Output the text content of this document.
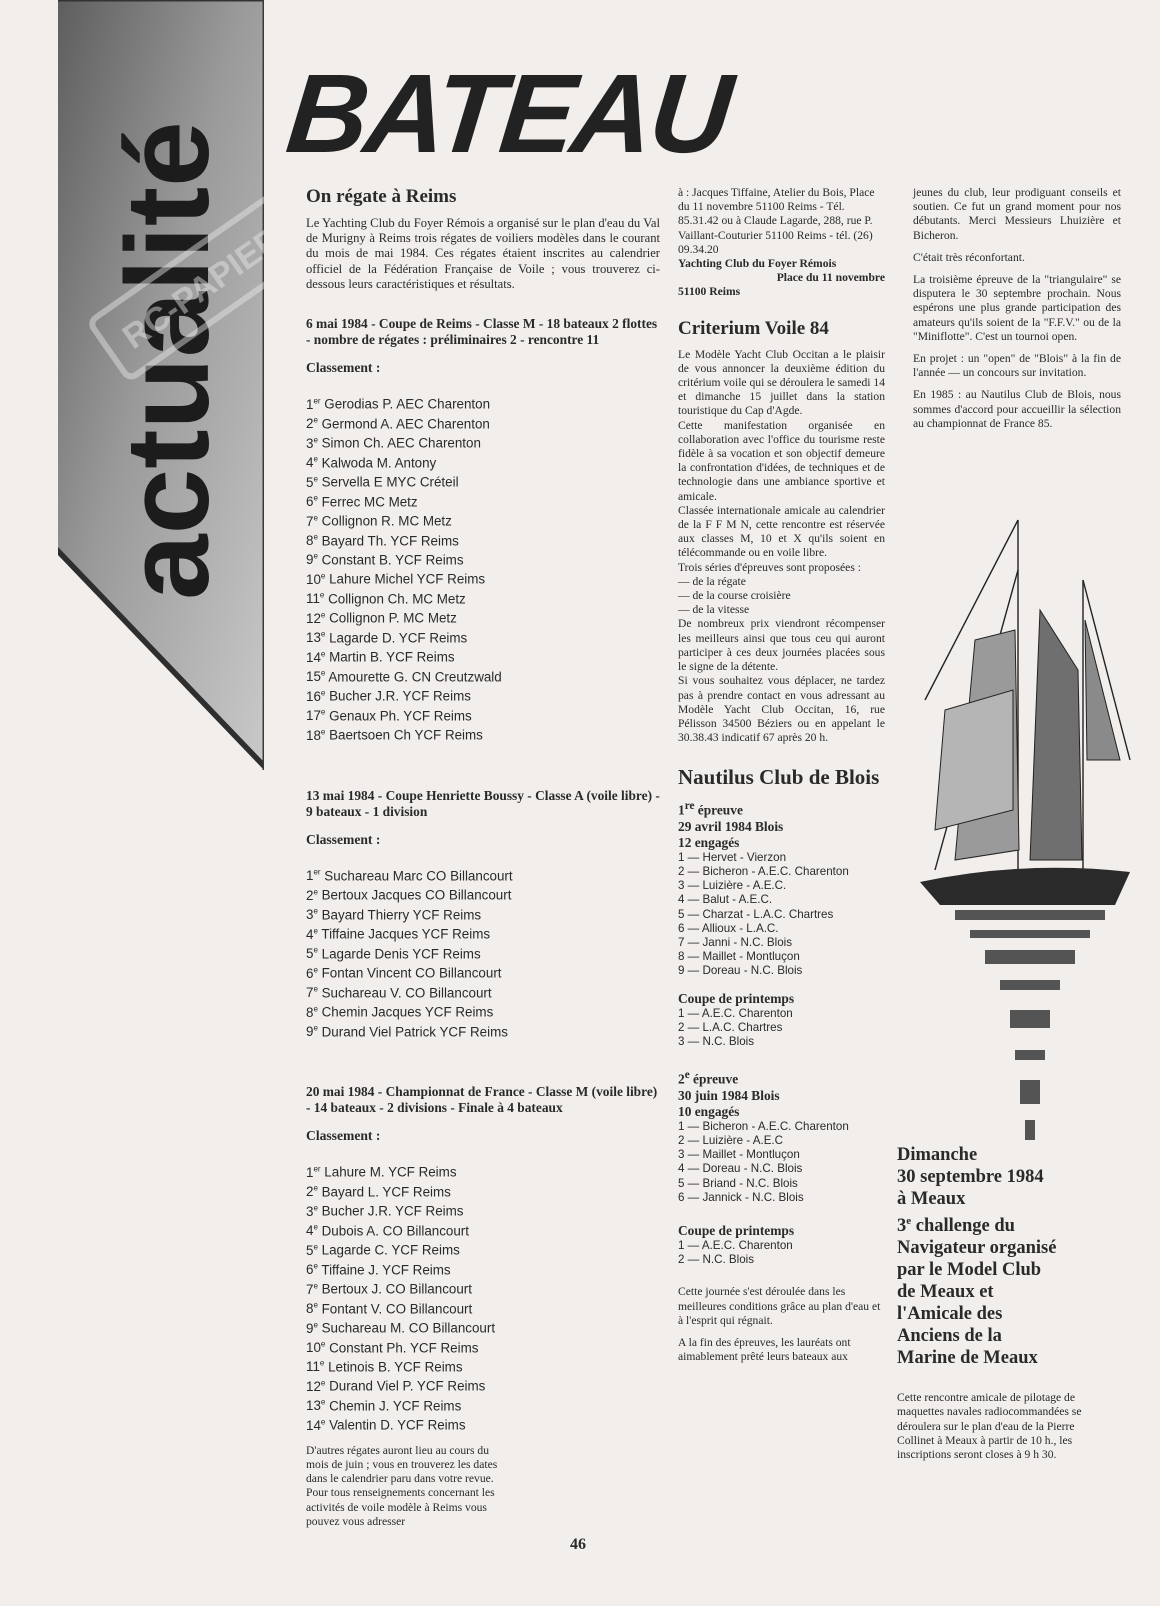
actualité
RC-PAPIERS
BATEAU
On régate à Reims

Le Yachting Club du Foyer Rémois a organisé sur le plan d'eau du Val de Murigny à Reims trois régates de voiliers modèles dans le courant du mois de mai 1984. Ces régates étaient inscrites au calendrier officiel de la Fédération Française de Voile ; vous trouverez ci-dessous leurs caractéristiques et résultats.

6 mai 1984 - Coupe de Reims - Classe M - 18 bateaux 2 flottes - nombre de régates : préliminaires 2 - rencontre 11
Classement :
1er Gerodias P. AEC Charenton
2e Germond A. AEC Charenton
3e Simon Ch. AEC Charenton
4e Kalwoda M. Antony
5e Servella E MYC Créteil
6e Ferrec MC Metz
7e Collignon R. MC Metz
8e Bayard Th. YCF Reims
9e Constant B. YCF Reims
10e Lahure Michel YCF Reims
11e Collignon Ch. MC Metz
12e Collignon P. MC Metz
13e Lagarde D. YCF Reims
14e Martin B. YCF Reims
15e Amourette G. CN Creutzwald
16e Bucher J.R. YCF Reims
17e Genaux Ph. YCF Reims
18e Baertsoen Ch YCF Reims
13 mai 1984 - Coupe Henriette Boussy - Classe A (voile libre) - 9 bateaux - 1 division
Classement :
1er Suchareau Marc CO Billancourt
2e Bertoux Jacques CO Billancourt
3e Bayard Thierry YCF Reims
4e Tiffaine Jacques YCF Reims
5e Lagarde Denis YCF Reims
6e Fontan Vincent CO Billancourt
7e Suchareau V. CO Billancourt
8e Chemin Jacques YCF Reims
9e Durand Viel Patrick YCF Reims
20 mai 1984 - Championnat de France - Classe M (voile libre) - 14 bateaux - 2 divisions - Finale à 4 bateaux
Classement :
1er Lahure M. YCF Reims
2e Bayard L. YCF Reims
3e Bucher J.R. YCF Reims
4e Dubois A. CO Billancourt
5e Lagarde C. YCF Reims
6e Tiffaine J. YCF Reims
7e Bertoux J. CO Billancourt
8e Fontant V. CO Billancourt
9e Suchareau M. CO Billancourt
10e Constant Ph. YCF Reims
11e Letinois B. YCF Reims
12e Durand Viel P. YCF Reims
13e Chemin J. YCF Reims
14e Valentin D. YCF Reims
D'autres régates auront lieu au cours du mois de juin ; vous en trouverez les dates dans le calendrier paru dans votre revue.
Pour tous renseignements concernant les activités de voile modèle à Reims vous pouvez vous adresser
à : Jacques Tiffaine, Atelier du Bois, Place du 11 novembre 51100 Reims - Tél. 85.31.42 ou à Claude Lagarde, 288, rue P. Vaillant-Couturier 51100 Reims - tél. (26) 09.34.20
Yachting Club du Foyer Rémois
Place du 11 novembre
51100 Reims
Criterium Voile 84
Le Modèle Yacht Club Occitan a le plaisir de vous annoncer la deuxième édition du critérium voile qui se déroulera le samedi 14 et dimanche 15 juillet dans la station touristique du Cap d'Agde.
Cette manifestation organisée en collaboration avec l'office du tourisme reste fidèle à sa vocation et son objectif demeure la confrontation d'idées, de techniques et de technologie dans une ambiance sportive et amicale.
Classée internationale amicale au calendrier de la F F M N, cette rencontre est réservée aux classes M, 10 et X qu'ils soient en télécommande ou en voile libre.
Trois séries d'épreuves sont proposées :
— de la régate
— de la course croisière
— de la vitesse
De nombreux prix viendront récompenser les meilleurs ainsi que tous ceu qui auront participer à ces deux journées placées sous le signe de la détente.
Si vous souhaitez vous déplacer, ne tardez pas à prendre contact en vous adressant au Modèle Yacht Club Occitan, 16, rue Pélisson 34500 Béziers ou en appelant le 30.38.43 indicatif 67 après 20 h.
Nautilus Club de Blois
1re épreuve
29 avril 1984 Blois
12 engagés
1 — Hervet - Vierzon
2 — Bicheron - A.E.C. Charenton
3 — Luizière - A.E.C.
4 — Balut - A.E.C.
5 — Charzat - L.A.C. Chartres
6 — Allioux - L.A.C.
7 — Janni - N.C. Blois
8 — Maillet - Montluçon
9 — Doreau - N.C. Blois
Coupe de printemps
1 — A.E.C. Charenton
2 — L.A.C. Chartres
3 — N.C. Blois
2e épreuve
30 juin 1984 Blois
10 engagés
1 — Bicheron - A.E.C. Charenton
2 — Luizière - A.E.C
3 — Maillet - Montluçon
4 — Doreau - N.C. Blois
5 — Briand - N.C. Blois
6 — Jannick - N.C. Blois
Coupe de printemps
1 — A.E.C. Charenton
2 — N.C. Blois
Cette journée s'est déroulée dans les meilleures conditions grâce au plan d'eau et à l'esprit qui régnait.
A la fin des épreuves, les lauréats ont aimablement prêté leurs bateaux aux

jeunes du club, leur prodiguant conseils et soutien. Ce fut un grand moment pour nos débutants. Merci Messieurs Lhuizière et Bicheron.

C'était très réconfortant.

La troisième épreuve de la "triangulaire" se disputera le 30 septembre prochain. Nous espérons une plus grande participation des amateurs qu'ils soient de la "F.F.V." ou de la "Miniflotte". C'est un tournoi open.

En projet : un "open" de "Blois" à la fin de l'année — un concours sur invitation.

En 1985 : au Nautilus Club de Blois, nous sommes d'accord pour accueillir la sélection au championnat de France 85.

Dimanche
30 septembre 1984
à Meaux
3e challenge du
Navigateur organisé
par le Model Club
de Meaux et
l'Amicale des
Anciens de la
Marine de Meaux
Cette rencontre amicale de pilotage de maquettes navales radiocommandées se déroulera sur le plan d'eau de la Pierre Collinet à Meaux à partir de 10 h., les inscriptions seront closes à 9 h 30.
46
